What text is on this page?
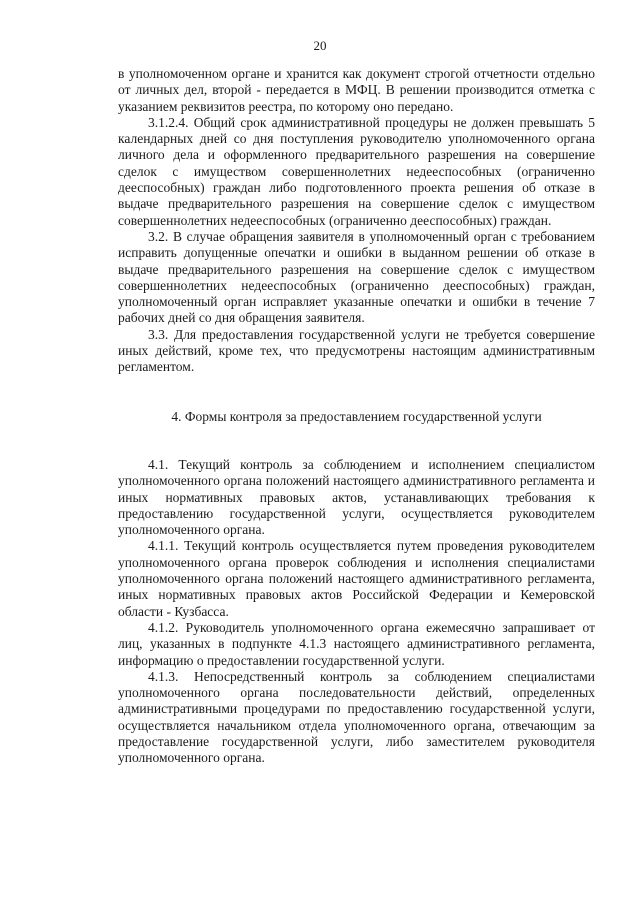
20

в уполномоченном органе и хранится как документ строгой отчетности отдельно от личных дел, второй - передается в МФЦ. В решении производится отметка с указанием реквизитов реестра, по которому оно передано.

3.1.2.4. Общий срок административной процедуры не должен превышать 5 календарных дней со дня поступления руководителю уполномоченного органа личного дела и оформленного предварительного разрешения на совершение сделок с имуществом совершеннолетних недееспособных (ограниченно дееспособных) граждан либо подготовленного проекта решения об отказе в выдаче предварительного разрешения на совершение сделок с имуществом совершеннолетних недееспособных (ограниченно дееспособных) граждан.

3.2. В случае обращения заявителя в уполномоченный орган с требованием исправить допущенные опечатки и ошибки в выданном решении об отказе в выдаче предварительного разрешения на совершение сделок с имуществом совершеннолетних недееспособных (ограниченно дееспособных) граждан, уполномоченный орган исправляет указанные опечатки и ошибки в течение 7 рабочих дней со дня обращения заявителя.

3.3. Для предоставления государственной услуги не требуется совершение иных действий, кроме тех, что предусмотрены настоящим административным регламентом.

4. Формы контроля за предоставлением государственной услуги

4.1. Текущий контроль за соблюдением и исполнением специалистом уполномоченного органа положений настоящего административного регламента и иных нормативных правовых актов, устанавливающих требования к предоставлению государственной услуги, осуществляется руководителем уполномоченного органа.

4.1.1. Текущий контроль осуществляется путем проведения руководителем уполномоченного органа проверок соблюдения и исполнения специалистами уполномоченного органа положений настоящего административного регламента, иных нормативных правовых актов Российской Федерации и Кемеровской области - Кузбасса.

4.1.2. Руководитель уполномоченного органа ежемесячно запрашивает от лиц, указанных в подпункте 4.1.3 настоящего административного регламента, информацию о предоставлении государственной услуги.

4.1.3. Непосредственный контроль за соблюдением специалистами уполномоченного органа последовательности действий, определенных административными процедурами по предоставлению государственной услуги, осуществляется начальником отдела уполномоченного органа, отвечающим за предоставление государственной услуги, либо заместителем руководителя уполномоченного органа.
